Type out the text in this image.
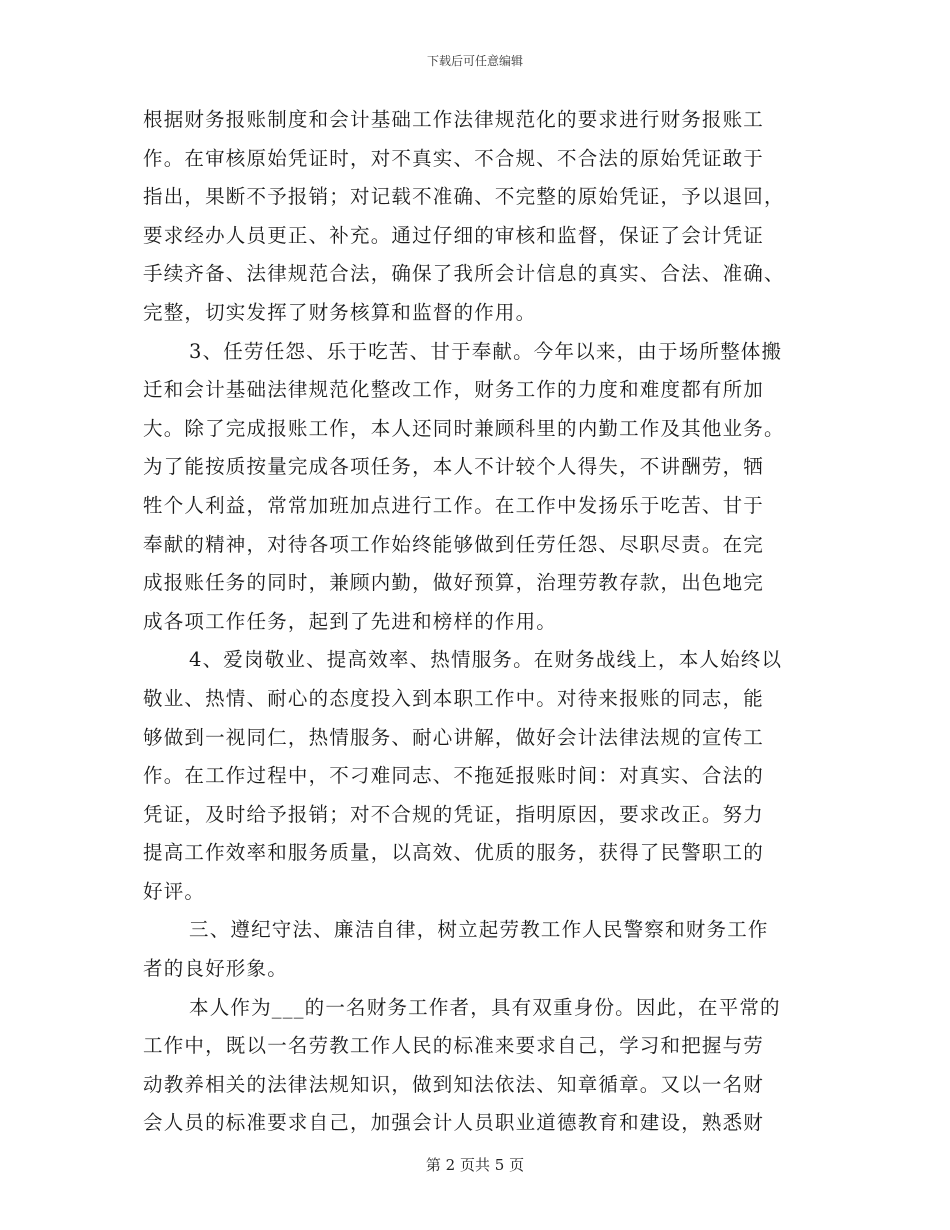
下载后可任意编辑
根据财务报账制度和会计基础工作法律规范化的要求进行财务报账工
作。在审核原始凭证时，对不真实、不合规、不合法的原始凭证敢于
指出，果断不予报销；对记载不准确、不完整的原始凭证，予以退回，
要求经办人员更正、补充。通过仔细的审核和监督，保证了会计凭证
手续齐备、法律规范合法，确保了我所会计信息的真实、合法、准确、
完整，切实发挥了财务核算和监督的作用。
3、任劳任怨、乐于吃苦、甘于奉献。今年以来，由于场所整体搬
迁和会计基础法律规范化整改工作，财务工作的力度和难度都有所加
大。除了完成报账工作，本人还同时兼顾科里的内勤工作及其他业务。
为了能按质按量完成各项任务，本人不计较个人得失，不讲酬劳，牺
牲个人利益，常常加班加点进行工作。在工作中发扬乐于吃苦、甘于
奉献的精神，对待各项工作始终能够做到任劳任怨、尽职尽责。在完
成报账任务的同时，兼顾内勤，做好预算，治理劳教存款，出色地完
成各项工作任务，起到了先进和榜样的作用。
4、爱岗敬业、提高效率、热情服务。在财务战线上，本人始终以
敬业、热情、耐心的态度投入到本职工作中。对待来报账的同志，能
够做到一视同仁，热情服务、耐心讲解，做好会计法律法规的宣传工
作。在工作过程中，不刁难同志、不拖延报账时间：对真实、合法的
凭证，及时给予报销；对不合规的凭证，指明原因，要求改正。努力
提高工作效率和服务质量，以高效、优质的服务，获得了民警职工的
好评。
三、遵纪守法、廉洁自律，树立起劳教工作人民警察和财务工作
者的良好形象。
本人作为___的一名财务工作者，具有双重身份。因此，在平常的
工作中，既以一名劳教工作人民的标准来要求自己，学习和把握与劳
动教养相关的法律法规知识，做到知法依法、知章循章。又以一名财
会人员的标准要求自己，加强会计人员职业道德教育和建设，熟悉财
第 2 页共 5 页
